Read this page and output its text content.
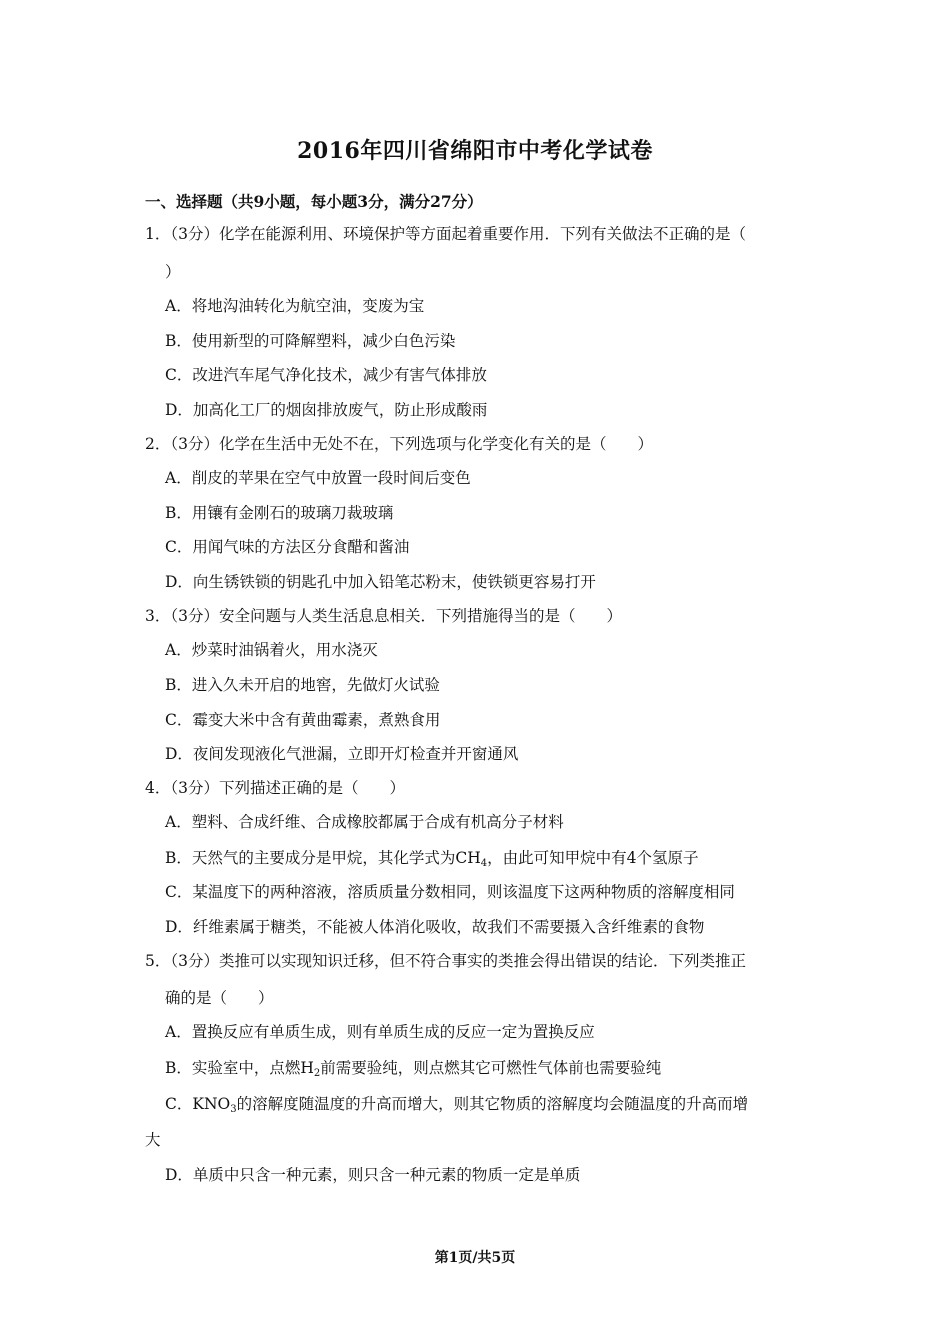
2016年四川省绵阳市中考化学试卷
一、选择题（共9小题，每小题3分，满分27分）
1．（3分）化学在能源利用、环境保护等方面起着重要作用．下列有关做法不正确的是（
）
A．将地沟油转化为航空油，变废为宝
B．使用新型的可降解塑料，减少白色污染
C．改进汽车尾气净化技术，减少有害气体排放
D．加高化工厂的烟囱排放废气，防止形成酸雨
2．（3分）化学在生活中无处不在，下列选项与化学变化有关的是（　　）
A．削皮的苹果在空气中放置一段时间后变色
B．用镶有金刚石的玻璃刀裁玻璃
C．用闻气味的方法区分食醋和酱油
D．向生锈铁锁的钥匙孔中加入铅笔芯粉末，使铁锁更容易打开
3．（3分）安全问题与人类生活息息相关．下列措施得当的是（　　）
A．炒菜时油锅着火，用水浇灭
B．进入久未开启的地窖，先做灯火试验
C．霉变大米中含有黄曲霉素，煮熟食用
D．夜间发现液化气泄漏，立即开灯检查并开窗通风
4．（3分）下列描述正确的是（　　）
A．塑料、合成纤维、合成橡胶都属于合成有机高分子材料
B．天然气的主要成分是甲烷，其化学式为$CH_4$，由此可知甲烷中有4个氢原子
C．某温度下的两种溶液，溶质质量分数相同，则该温度下这两种物质的溶解度相同
D．纤维素属于糖类，不能被人体消化吸收，故我们不需要摄入含纤维素的食物
5．（3分）类推可以实现知识迁移，但不符合事实的类推会得出错误的结论．下列类推正
确的是（　　）
A．置换反应有单质生成，则有单质生成的反应一定为置换反应
B．实验室中，点燃$H_2$前需要验纯，则点燃其它可燃性气体前也需要验纯
C．$KNO_3$的溶解度随温度的升高而增大，则其它物质的溶解度均会随温度的升高而增
大
D．单质中只含一种元素，则只含一种元素的物质一定是单质
第1页/共5页
